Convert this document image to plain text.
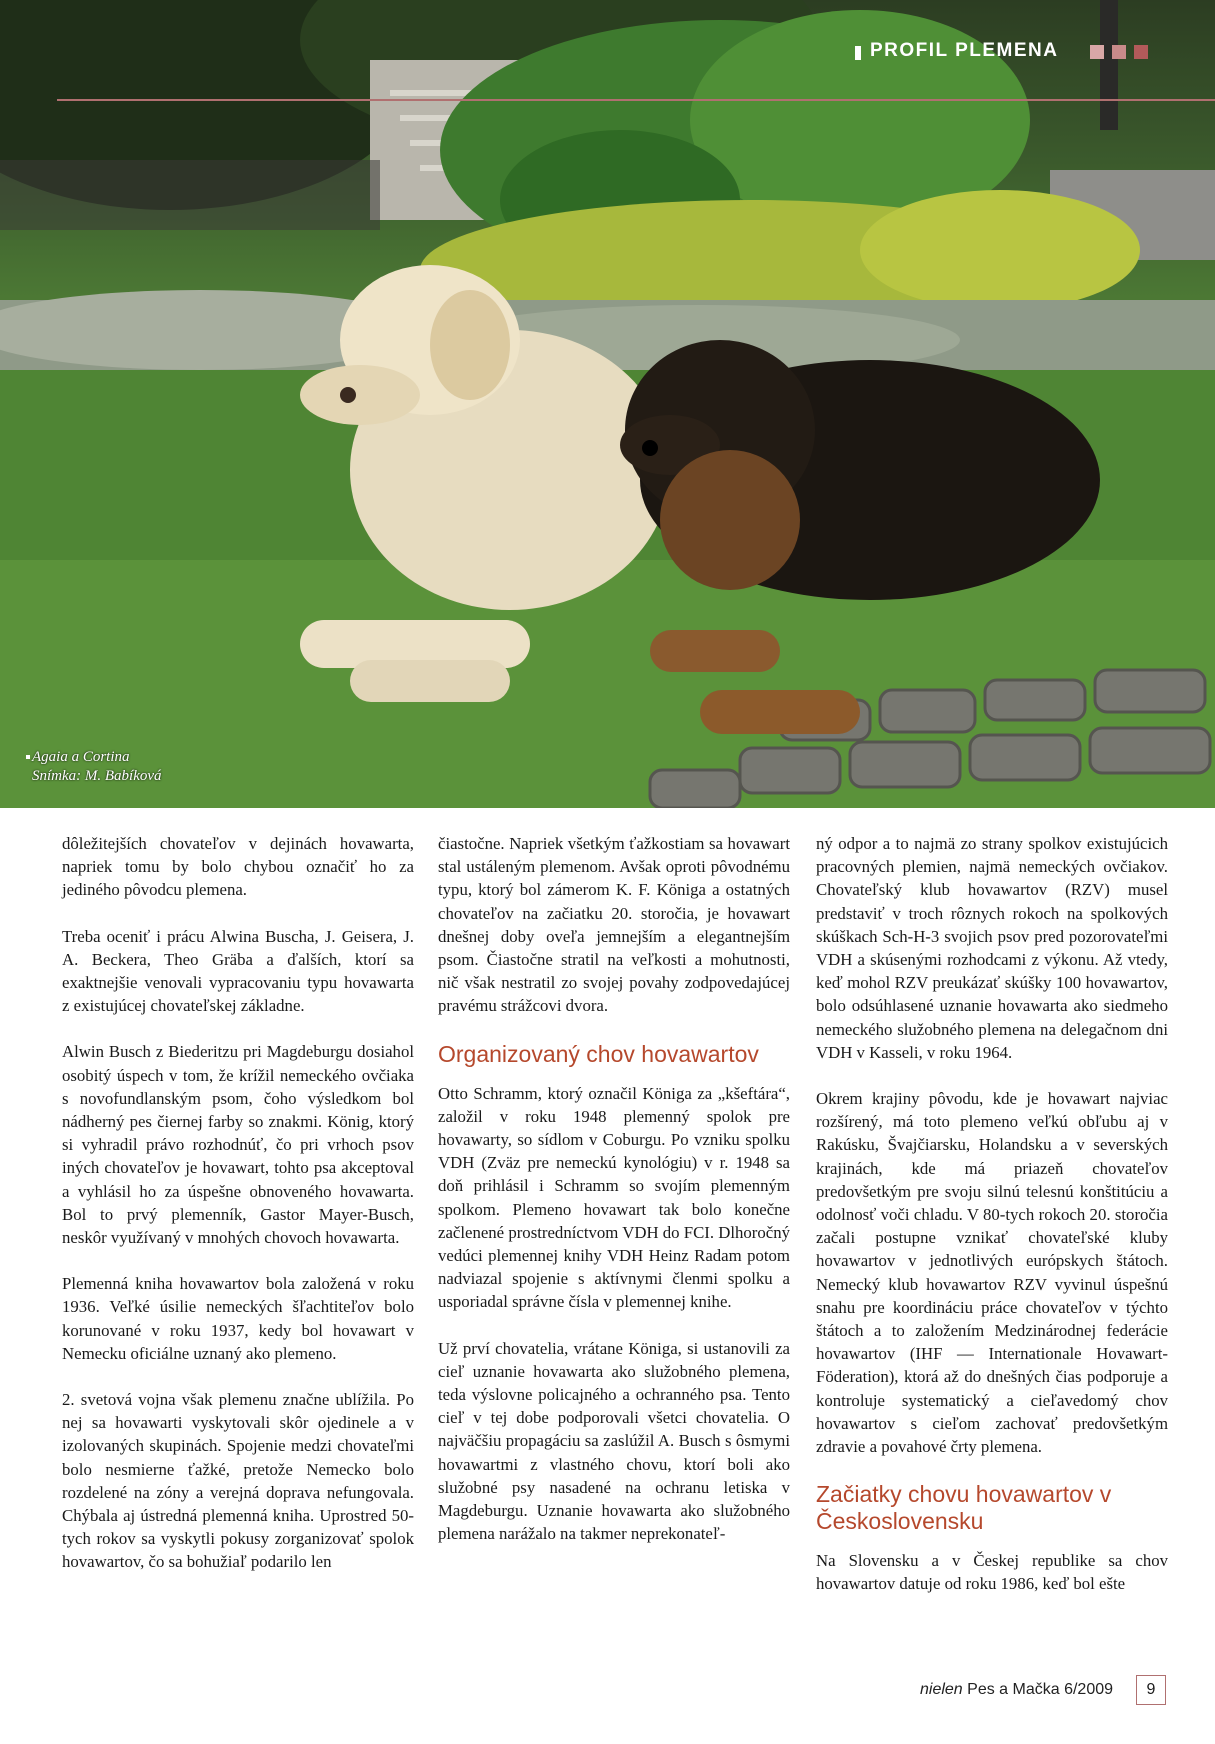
PROFIL PLEMENA
Agaia a Cortina
Snímka: M. Babíková

dôležitejších chovateľov v dejinách hovawarta, napriek tomu by bolo chybou označiť ho za jediného pôvodcu plemena.

Treba oceniť i prácu Alwina Buscha, J. Geisera, J. A. Beckera, Theo Gräba a ďalších, ktorí sa exaktnejšie venovali vypracovaniu typu hovawarta z existujúcej chovateľskej základne.

Alwin Busch z Biederitzu pri Magdeburgu dosiahol osobitý úspech v tom, že krížil nemeckého ovčiaka s novofundlanským psom, čoho výsledkom bol nádherný pes čiernej farby so znakmi. König, ktorý si vyhradil právo rozhodnúť, čo pri vrhoch psov iných chovateľov je hovawart, tohto psa akceptoval a vyhlásil ho za úspešne obnoveného hovawarta. Bol to prvý plemenník, Gastor Mayer-Busch, neskôr využívaný v mnohých chovoch hovawarta.

Plemenná kniha hovawartov bola založená v roku 1936. Veľké úsilie nemeckých šľachtiteľov bolo korunované v roku 1937, kedy bol hovawart v Nemecku oficiálne uznaný ako plemeno.

2. svetová vojna však plemenu značne ublížila. Po nej sa hovawarti vyskytovali skôr ojedinele a v izolovaných skupinách. Spojenie medzi chovateľmi bolo nesmierne ťažké, pretože Nemecko bolo rozdelené na zóny a verejná doprava nefungovala. Chýbala aj ústredná plemenná kniha. Uprostred 50-tych rokov sa vyskytli pokusy zorganizovať spolok hovawartov, čo sa bohužiaľ podarilo len

čiastočne. Napriek všetkým ťažkostiam sa hovawart stal ustáleným plemenom. Avšak oproti pôvodnému typu, ktorý bol zámerom K. F. Königa a ostatných chovateľov na začiatku 20. storočia, je hovawart dnešnej doby oveľa jemnejším a elegantnejším psom. Čiastočne stratil na veľkosti a mohutnosti, nič však nestratil zo svojej povahy zodpovedajúcej pravému strážcovi dvora.

Organizovaný chov hovawartov

Otto Schramm, ktorý označil Königa za „kšeftára“, založil v roku 1948 plemenný spolok pre hovawarty, so sídlom v Coburgu. Po vzniku spolku VDH (Zväz pre nemeckú kynológiu) v r. 1948 sa doň prihlásil i Schramm so svojím plemenným spolkom. Plemeno hovawart tak bolo konečne začlenené prostredníctvom VDH do FCI. Dlhoročný vedúci plemennej knihy VDH Heinz Radam potom nadviazal spojenie s aktívnymi členmi spolku a usporiadal správne čísla v plemennej knihe.

Už prví chovatelia, vrátane Königa, si ustanovili za cieľ uznanie hovawarta ako služobného plemena, teda výslovne policajného a ochranného psa. Tento cieľ v tej dobe podporovali všetci chovatelia. O najväčšiu propagáciu sa zaslúžil A. Busch s ôsmymi hovawartmi z vlastného chovu, ktorí boli ako služobné psy nasadené na ochranu letiska v Magdeburgu. Uznanie hovawarta ako služobného plemena narážalo na takmer neprekonateľ-

ný odpor a to najmä zo strany spolkov existujúcich pracovných plemien, najmä nemeckých ovčiakov. Chovateľský klub hovawartov (RZV) musel predstaviť v troch rôznych rokoch na spolkových skúškach Sch-H-3 svojich psov pred pozorovateľmi VDH a skúsenými rozhodcami z výkonu. Až vtedy, keď mohol RZV preukázať skúšky 100 hovawartov, bolo odsúhlasené uznanie hovawarta ako siedmeho nemeckého služobného plemena na delegačnom dni VDH v Kasseli, v roku 1964.

Okrem krajiny pôvodu, kde je hovawart najviac rozšírený, má toto plemeno veľkú obľubu aj v Rakúsku, Švajčiarsku, Holandsku a v severských krajinách, kde má priazeň chovateľov predovšetkým pre svoju silnú telesnú konštitúciu a odolnosť voči chladu. V 80-tych rokoch 20. storočia začali postupne vznikať chovateľské kluby hovawartov v jednotlivých európskych štátoch. Nemecký klub hovawartov RZV vyvinul úspešnú snahu pre koordináciu práce chovateľov v týchto štátoch a to založením Medzinárodnej federácie hovawartov (IHF — Internationale Hovawart-Föderation), ktorá až do dnešných čias podporuje a kontroluje systematický a cieľavedomý chov hovawartov s cieľom zachovať predovšetkým zdravie a povahové črty plemena.

Začiatky chovu hovawartov v Československu

Na Slovensku a v Českej republike sa chov hovawartov datuje od roku 1986, keď bol ešte

nielen Pes a Mačka 6/2009	9
